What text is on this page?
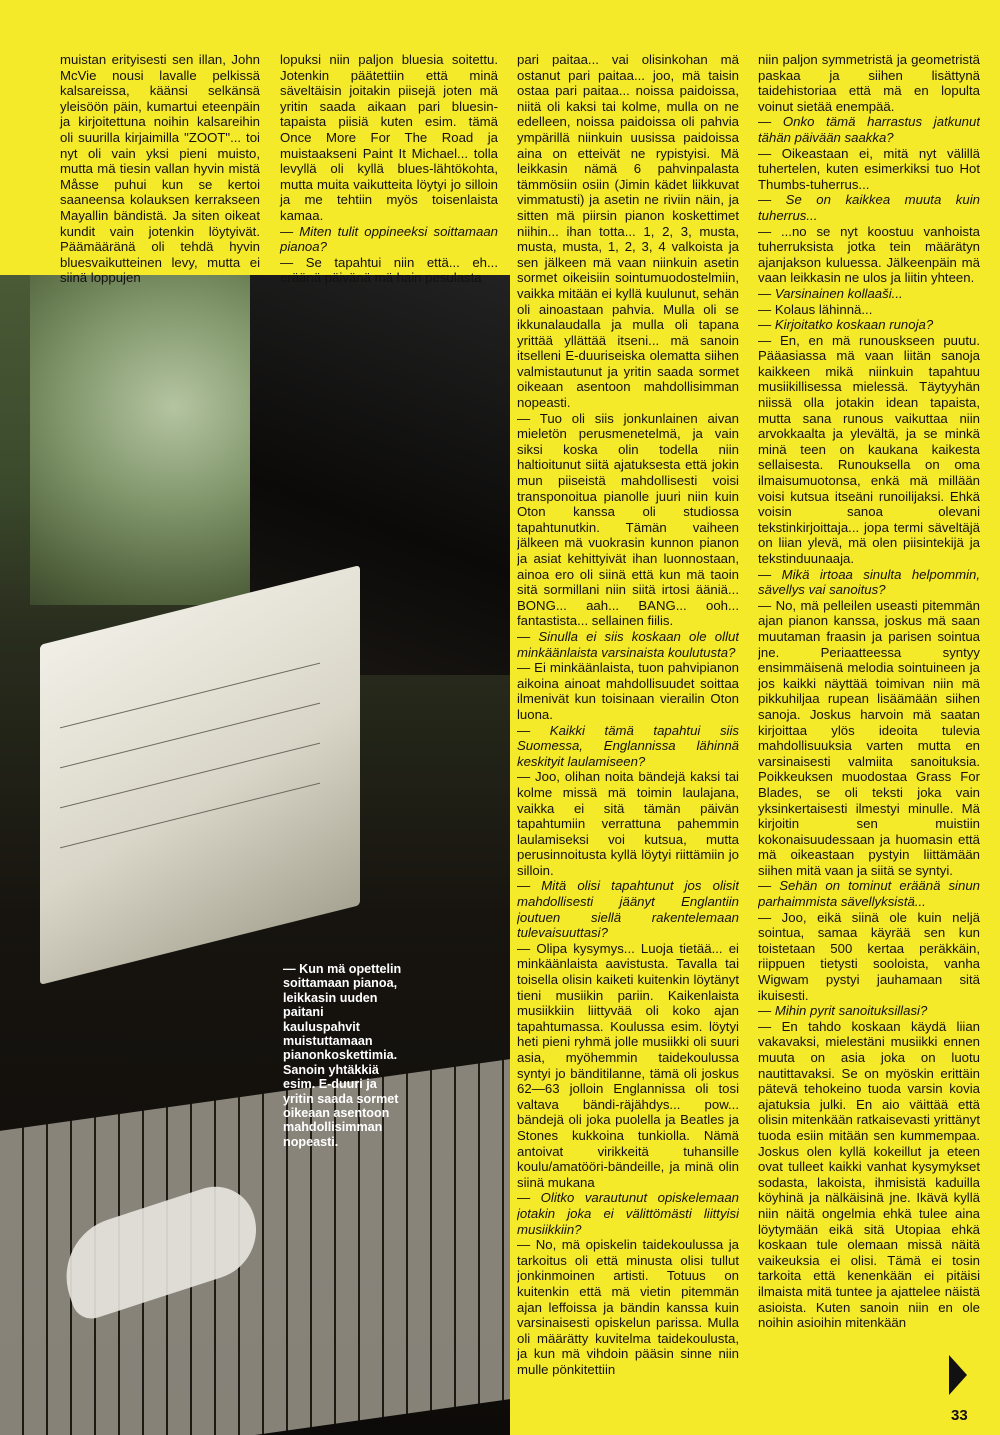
— Kun mä opettelin soittamaan pianoa, leikkasin uuden paitani kauluspahvit muistuttamaan pianonkoskettimia. Sanoin yhtäkkiä esim. E-duuri ja yritin saada sormet oikeaan asentoon mahdollisimman nopeasti.

muistan erityisesti sen illan, John McVie nousi lavalle pelkissä kalsareissa, käänsi selkänsä yleisöön päin, kumartui eteenpäin ja kirjoitettuna noihin kalsareihin oli suurilla kirjaimilla "ZOOT"... toi nyt oli vain yksi pieni muisto, mutta mä tiesin vallan hyvin mistä Måsse puhui kun se kertoi saaneensa kolauksen kerrakseen Mayallin bändistä. Ja siten oikeat kundit vain jotenkin löytyivät. Päämääränä oli tehdä hyvin bluesvaikutteinen levy, mutta ei siinä loppujen

lopuksi niin paljon bluesia soitettu. Jotenkin päätettiin että minä säveltäisin joitakin piisejä joten mä yritin saada aikaan pari bluesin-tapaista piisiä kuten esim. tämä Once More For The Road ja muistaakseni Paint It Michael... tolla levyllä oli kyllä blues-lähtökohta, mutta muita vaikutteita löytyi jo silloin ja me tehtiin myös toisenlaista kamaa.

— Miten tulit oppineeksi soittamaan pianoa?

— Se tapahtui niin että... eh... eräänä päivänä mä hain pesulasta

pari paitaa... vai olisinkohan mä ostanut pari paitaa... joo, mä taisin ostaa pari paitaa... noissa paidoissa, niitä oli kaksi tai kolme, mulla on ne edelleen, noissa paidoissa oli pahvia ympärillä niinkuin uusissa paidoissa aina on etteivät ne rypistyisi. Mä leikkasin nämä 6 pahvinpalasta tämmösiin osiin (Jimin kädet liikkuvat vimmatusti) ja asetin ne riviin näin, ja sitten mä piirsin pianon koskettimet niihin... ihan totta... 1, 2, 3, musta, musta, musta, 1, 2, 3, 4 valkoista ja sen jälkeen mä vaan niinkuin asetin sormet oikeisiin sointumuodostelmiin, vaikka mitään ei kyllä kuulunut, sehän oli ainoastaan pahvia. Mulla oli se ikkunalaudalla ja mulla oli tapana yrittää yllättää itseni... mä sanoin itselleni E-duuriseiska olematta siihen valmistautunut ja yritin saada sormet oikeaan asentoon mahdollisimman nopeasti.

— Tuo oli siis jonkunlainen aivan mieletön perusmenetelmä, ja vain siksi koska olin todella niin haltioitunut siitä ajatuksesta että jokin mun piiseistä mahdollisesti voisi transponoitua pianolle juuri niin kuin Oton kanssa oli studiossa tapahtunutkin. Tämän vaiheen jälkeen mä vuokrasin kunnon pianon ja asiat kehittyivät ihan luonnostaan, ainoa ero oli siinä että kun mä taoin sitä sormillani niin siitä irtosi ääniä... BONG... aah... BANG... ooh... fantastista... sellainen fiilis.

— Sinulla ei siis koskaan ole ollut minkäänlaista varsinaista koulutusta?

— Ei minkäänlaista, tuon pahvipianon aikoina ainoat mahdollisuudet soittaa ilmenivät kun toisinaan vierailin Oton luona.

— Kaikki tämä tapahtui siis Suomessa, Englannissa lähinnä keskityit laulamiseen?

— Joo, olihan noita bändejä kaksi tai kolme missä mä toimin laulajana, vaikka ei sitä tämän päivän tapahtumiin verrattuna pahemmin laulamiseksi voi kutsua, mutta perusinnoitusta kyllä löytyi riittämiin jo silloin.

— Mitä olisi tapahtunut jos olisit mahdollisesti jäänyt Englantiin joutuen siellä rakentelemaan tulevaisuuttasi?

— Olipa kysymys... Luoja tietää... ei minkäänlaista aavistusta. Tavalla tai toisella olisin kaiketi kuitenkin löytänyt tieni musiikin pariin. Kaikenlaista musiikkiin liittyvää oli koko ajan tapahtumassa. Koulussa esim. löytyi heti pieni ryhmä jolle musiikki oli suuri asia, myöhemmin taidekoulussa syntyi jo bänditilanne, tämä oli joskus 62—63 jolloin Englannissa oli tosi valtava bändi-räjähdys... pow... bändejä oli joka puolella ja Beatles ja Stones kukkoina tunkiolla. Nämä antoivat virikkeitä tuhansille koulu/amatööri-bändeille, ja minä olin siinä mukana

— Olitko varautunut opiskelemaan jotakin joka ei välittömästi liittyisi musiikkiin?

— No, mä opiskelin taidekoulussa ja tarkoitus oli että minusta olisi tullut jonkinmoinen artisti. Totuus on kuitenkin että mä vietin pitemmän ajan leffoissa ja bändin kanssa kuin varsinaisesti opiskelun parissa. Mulla oli määrätty kuvitelma taidekoulusta, ja kun mä vihdoin pääsin sinne niin mulle pönkitettiin

niin paljon symmetristä ja geometristä paskaa ja siihen lisättynä taidehistoriaa että mä en lopulta voinut sietää enempää.

— Onko tämä harrastus jatkunut tähän päivään saakka?

— Oikeastaan ei, mitä nyt välillä tuhertelen, kuten esimerkiksi tuo Hot Thumbs-tuherrus...

— Se on kaikkea muuta kuin tuherrus...

— ...no se nyt koostuu vanhoista tuherruksista jotka tein määrätyn ajanjakson kuluessa. Jälkeenpäin mä vaan leikkasin ne ulos ja liitin yhteen.

— Varsinainen kollaaši...

— Kolaus lähinnä...

— Kirjoitatko koskaan runoja?

— En, en mä runouskseen puutu. Pääasiassa mä vaan liitän sanoja kaikkeen mikä niinkuin tapahtuu musiikillisessa mielessä. Täytyyhän niissä olla jotakin idean tapaista, mutta sana runous vaikuttaa niin arvokkaalta ja ylevältä, ja se minkä minä teen on kaukana kaikesta sellaisesta. Runouksella on oma ilmaisumuotonsa, enkä mä millään voisi kutsua itseäni runoilijaksi. Ehkä voisin sanoa olevani tekstinkirjoittaja... jopa termi säveltäjä on liian ylevä, mä olen piisintekijä ja tekstinduunaaja.

— Mikä irtoaa sinulta helpommin, sävellys vai sanoitus?

— No, mä pelleilen useasti pitemmän ajan pianon kanssa, joskus mä saan muutaman fraasin ja parisen sointua jne. Periaatteessa syntyy ensimmäisenä melodia sointuineen ja jos kaikki näyttää toimivan niin mä pikkuhiljaa rupean lisäämään siihen sanoja. Joskus harvoin mä saatan kirjoittaa ylös ideoita tulevia mahdollisuuksia varten mutta en varsinaisesti valmiita sanoituksia. Poikkeuksen muodostaa Grass For Blades, se oli teksti joka vain yksinkertaisesti ilmestyi minulle. Mä kirjoitin sen muistiin kokonaisuudessaan ja huomasin että mä oikeastaan pystyin liittämään siihen mitä vaan ja siitä se syntyi.

— Sehän on tominut eräänä sinun parhaimmista sävellyksistä...

— Joo, eikä siinä ole kuin neljä sointua, samaa käyrää sen kun toistetaan 500 kertaa peräkkäin, riippuen tietysti sooloista, vanha Wigwam pystyi jauhamaan sitä ikuisesti.

— Mihin pyrit sanoituksillasi?

— En tahdo koskaan käydä liian vakavaksi, mielestäni musiikki ennen muuta on asia joka on luotu nautittavaksi. Se on myöskin erittäin pätevä tehokeino tuoda varsin kovia ajatuksia julki. En aio väittää että olisin mitenkään ratkaisevasti yrittänyt tuoda esiin mitään sen kummempaa. Joskus olen kyllä kokeillut ja eteen ovat tulleet kaikki vanhat kysymykset sodasta, lakoista, ihmisistä kaduilla köyhinä ja nälkäisinä jne. Ikävä kyllä niin näitä ongelmia ehkä tulee aina löytymään eikä sitä Utopiaa ehkä koskaan tule olemaan missä näitä vaikeuksia ei olisi. Tämä ei tosin tarkoita että kenenkään ei pitäisi ilmaista mitä tuntee ja ajattelee näistä asioista. Kuten sanoin niin en ole noihin asioihin mitenkään

33
